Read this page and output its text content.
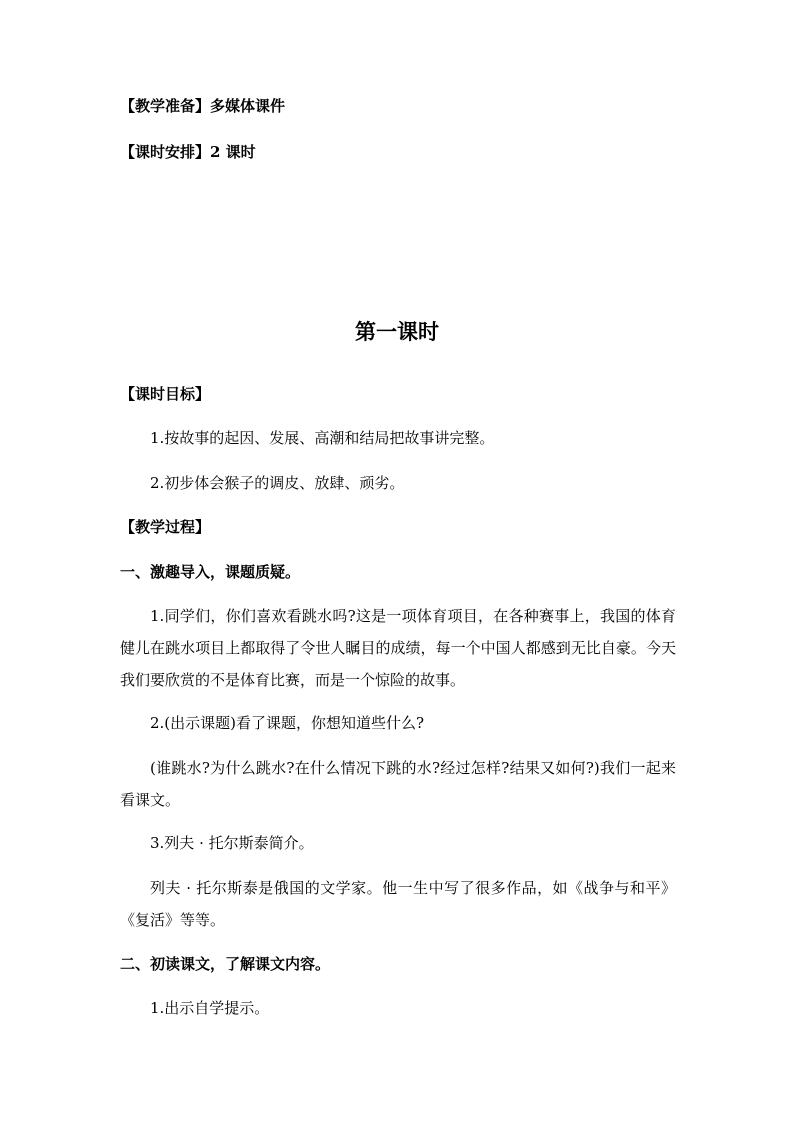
【教学准备】多媒体课件
【课时安排】2 课时
第一课时
【课时目标】
1.按故事的起因、发展、高潮和结局把故事讲完整。
2.初步体会猴子的调皮、放肆、顽劣。
【教学过程】
一、激趣导入，课题质疑。
1.同学们，你们喜欢看跳水吗?这是一项体育项目，在各种赛事上，我国的体育健儿在跳水项目上都取得了令世人瞩目的成绩，每一个中国人都感到无比自豪。今天我们要欣赏的不是体育比赛，而是一个惊险的故事。
2.(出示课题)看了课题，你想知道些什么?
(谁跳水?为什么跳水?在什么情况下跳的水?经过怎样?结果又如何?)我们一起来看课文。
3.列夫 · 托尔斯泰简介。
列夫 · 托尔斯泰是俄国的文学家。他一生中写了很多作品，如《战争与和平》《复活》等等。
二、初读课文，了解课文内容。
1.出示自学提示。
